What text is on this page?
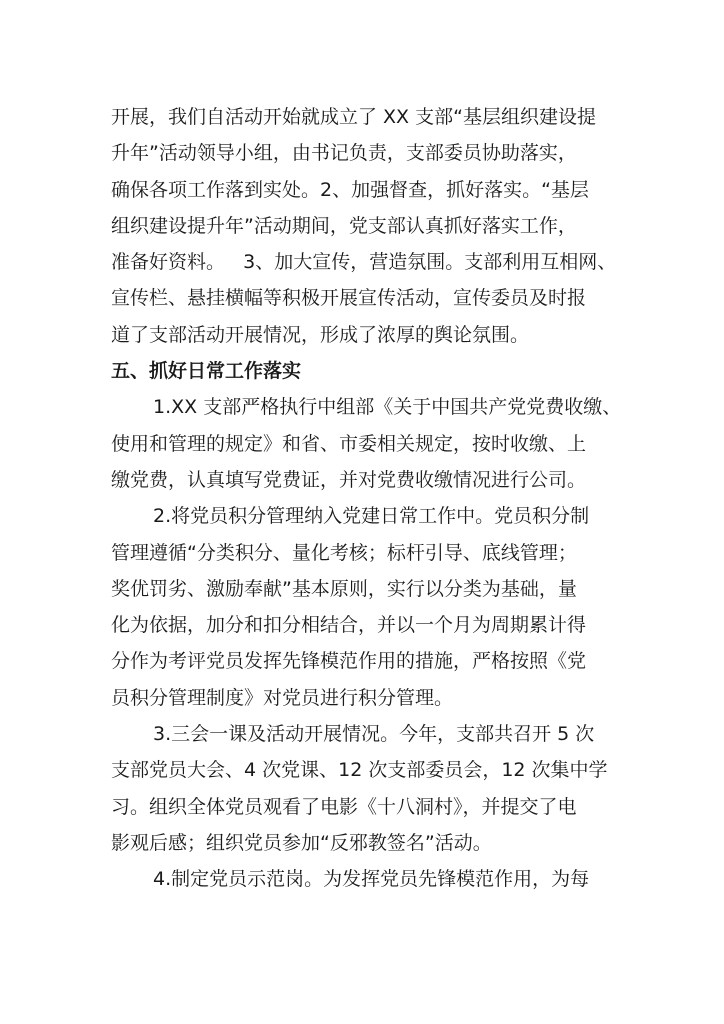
开展，我们自活动开始就成立了 XX 支部“基层组织建设提
升年”活动领导小组，由书记负责，支部委员协助落实，
确保各项工作落到实处。2、加强督查，抓好落实。“基层
组织建设提升年”活动期间，党支部认真抓好落实工作，
准备好资料。   3、加大宣传，营造氛围。支部利用互相网、
宣传栏、悬挂横幅等积极开展宣传活动，宣传委员及时报
道了支部活动开展情况，形成了浓厚的舆论氛围。
五、抓好日常工作落实
1.XX 支部严格执行中组部《关于中国共产党党费收缴、
使用和管理的规定》和省、市委相关规定，按时收缴、上
缴党费，认真填写党费证，并对党费收缴情况进行公司。
2.将党员积分管理纳入党建日常工作中。党员积分制
管理遵循“分类积分、量化考核；标杆引导、底线管理；
奖优罚劣、激励奉献”基本原则，实行以分类为基础，量
化为依据，加分和扣分相结合，并以一个月为周期累计得
分作为考评党员发挥先锋模范作用的措施，严格按照《党
员积分管理制度》对党员进行积分管理。
3.三会一课及活动开展情况。今年，支部共召开 5 次
支部党员大会、4 次党课、12 次支部委员会，12 次集中学
习。组织全体党员观看了电影《十八洞村》，并提交了电
影观后感；组织党员参加“反邪教签名”活动。
4.制定党员示范岗。为发挥党员先锋模范作用，为每
